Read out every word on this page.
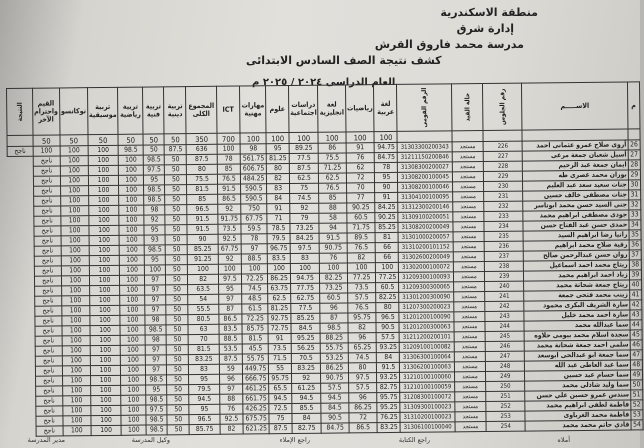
منطقة الاسكندرية
إدارة شرق
مدرسة محمد فاروق القرش
كشف نتيجة الصف السادس الابتدائى
العام الدراسى ٢٠٢٤ / ٢٠٢٥ م
م	الاســـــم	رقم الجلوس	حالة القيد	الرقم القومى	لغة عربية	رياضيات	لغة انجليزية	دراسات اجتماعية	علوم	مهارات مهنية	ICT	المجموع الكلى	تربية دينية	تربية فنية	تربية رياضية	تربية موسيقية	توكاتسو	القيم واحترام الآخر	النتيجة
					100	100	100	100	100	100	700	350	50	50	50	50	50	50	
26	أروى صلاح عمرو عثمانى احمد	226	مستجد	31303300200343	94.75	91	86	89.25	95	98	100	636	87.5	50	98.5	100	100	100	ناجح
27	أسيل شعبان جمعة مرعى	227	مستجد	31211150200846	84.75	76	75.5	77.5	81.25	561.75	78	87.5	50	98.5	100	100	100	ناجح	
28	ايمان جمعة عبد الرحيم	228	مستجد	31308300200027	78	62	71.25	87.5	80	606.75	85	80	50	97.5	100	100	100	ناجح	
29	بوران محمد عصرى طه	229	مستجد	31308200100045	95	72	62.5	62.5	82	484.25	76.5	75.5	50	95	100	100	100	ناجح	
30	جنات سعيد سعد عبد العليم	230	مستجد	31308200100046	90	70	76.5	75	83	590.5	91.5	81.5	50	98.5	100	100	100	ناجح	
31	جنات مصطفى خالف حسين	231	مستجد	31304100100095	91	77	85	74.5	84	590.5	86.5	85	50	98.5	100	100	100	ناجح	
32	جنى السيد حسن محمد ابوتاسر	232	مستجد	31312300200146	84.25	90.25	88	92	91	750	92	96.5	50	98	100	100	100	ناجح	
33	جودى مصطفى ابراهيم محمد	233	مستجد	31309100200051	90.25	60.5	58	79	71	67.75	91.75	91.5	50	92	100	100	100	ناجح	
34	حمدى حسن عبد الفتاح حسن	234	مستجد	31308200200049	85.25	71.75	94	73.25	78.5	59.5	73.5	91.5	50	95	100	100	100	ناجح	
35	رانيا رضا ابراهيم السيد	235	مستجد	31301000200057	81	89.5	91.5	84.25	79.5	78	92.5	90	50	93	100	100	100	ناجح	
36	رقية صلاح محمد ابراهيم	236	مستجد	31310200101152	66	76.5	90.75	97.5	96.75	97	67.75	85.25	50	98.5	100	100	100	ناجح	
37	روان حسن عبدالرحمن صالح	237	مستجد	31302600200049	66	82	76	83	83.5	88.5	92	91.25	50	95	100	100	100	ناجح	
38	ريتاج محمد احمد اسماعيل	238	مستجد	31302000100072	100	100	100	100	100	100	100	100	50	100	100	100	100	ناجح	
39	زياد احمد ابراهيم محمد	239	مستجد	31209300100093	77.25	77.25	82.25	94.75	86.25	72.25	97.5	82	50	97	100	100	100	ناجح	
40	ريتاج جمعة شحاتة محمد	240	مستجد	31209300300065	60.5	73.5	73.25	77.75	63.75	74.5	95	63.5	50	97	100	100	100	ناجح	
41	زينب محمد فتحى جمعة	241	مستجد	31301200300090	82.25	57.5	60.5	62.75	62.5	48.5	97	54	50	97	100	100	100	ناجح	
42	سارة الشريف البكرى محمود	242	مستجد	31207300200023	80	76.5	96	77.5	81.25	61.5	87	55.5	50	97	100	100	100	ناجح	
43	سارة احمد محمد خليل	243	مستجد	31201200100090	96.5	95.75	87	85.25	92.75	72.25	86.5	80.5	50	98	100	100	100	ناجح	
44	سما عبدالله محمد	244	مستجد	31201200300063	90.5	82	98.5	84.5	72.75	85.75	83.5	63	50	98.5	100	100	100	ناجح	
45	سجدة اسلام محمد بيومى حلاوه	245	مستجد	31211200200101	57.5	96	88.25	95.25	91	81.5	88.5	70	50	98	100	100	100	ناجح	
46	سلمى احمد جمعة شحاتة محمد	246	مستجد	31209100100082	93.25	65.25	55.75	56.25	73.5	45.5	53.5	81.5	50	97	100	100	100	ناجح	
47	سما جمعة ابو عبدالحى ابوسعد	247	مستجد	31306300100064	84	74.5	53.25	70.5	71.5	55.75	87.5	83.25	50	97	100	100	100	ناجح	
48	سما عبد العاطى عبد الله	248	مستجد	31306200100063	91.5	80	86.25	83.25	55	449.75	59	83	50	97	100	100	100	ناجح	
49	سما حسام عيد حسين	249	مستجد	31210100100060	93.25	97.5	90.75	92	95.75	666.75	96	95	50	98.5	100	100	100	ناجح	
50	سما وليد شاذلى محمد	250	مستجد	31210100100059	82.75	57.5	57.5	61.25	65.5	461.25	97	79.5	50	95	100	100	100	ناجح	
51	سندس عمرو حسين علي حسن	251	مستجد	31208300100072	95.75	96	94.5	94.5	94.5	661.75	88	94.5	50	98.5	100	100	100	ناجح	
52	فاطمة لطفى ابراهيم محمد	252	مستجد	31309300100023	95.25	86.25	84.5	85.5	72.5	426.25	76	95	50	97.5	100	100	100	ناجح	
53	فاطمة محمد الغرباوى	253	مستجد	31310200100023	76.25	72	90.5	84	75	675.75	92.5	96.5	50	98.5	100	100	100	ناجح	
54	قادي حاتم محمد محمد	254	مستجد	31306100100040	83.25	86.5	84.75	82.75	87.5	621.25	82	85.75	50	98.5	100	100	100	ناجح	
أملاه
راجع الكتابة
راجع الإملاء
وكيل المدرسة
مدير المدرسة
